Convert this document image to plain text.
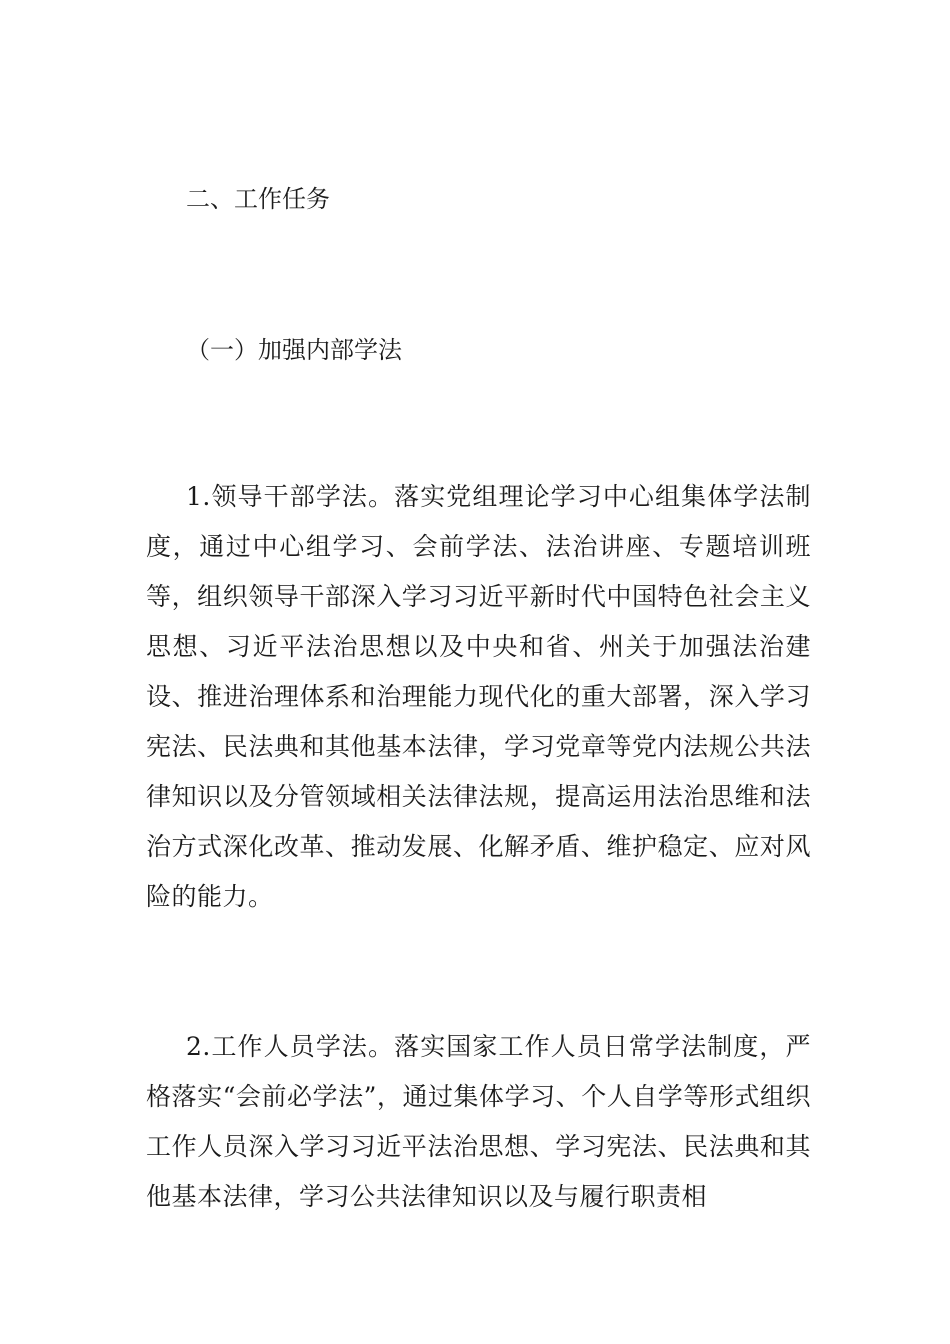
二、工作任务
（一）加强内部学法

1.领导干部学法。落实党组理论学习中心组集体学法制度，通过中心组学习、会前学法、法治讲座、专题培训班等，组织领导干部深入学习习近平新时代中国特色社会主义思想、习近平法治思想以及中央和省、州关于加强法治建设、推进治理体系和治理能力现代化的重大部署，深入学习宪法、民法典和其他基本法律，学习党章等党内法规公共法律知识以及分管领域相关法律法规，提高运用法治思维和法治方式深化改革、推动发展、化解矛盾、维护稳定、应对风险的能力。

2.工作人员学法。落实国家工作人员日常学法制度，严格落实“会前必学法”，通过集体学习、个人自学等形式组织工作人员深入学习习近平法治思想、学习宪法、民法典和其他基本法律，学习公共法律知识以及与履行职责相
